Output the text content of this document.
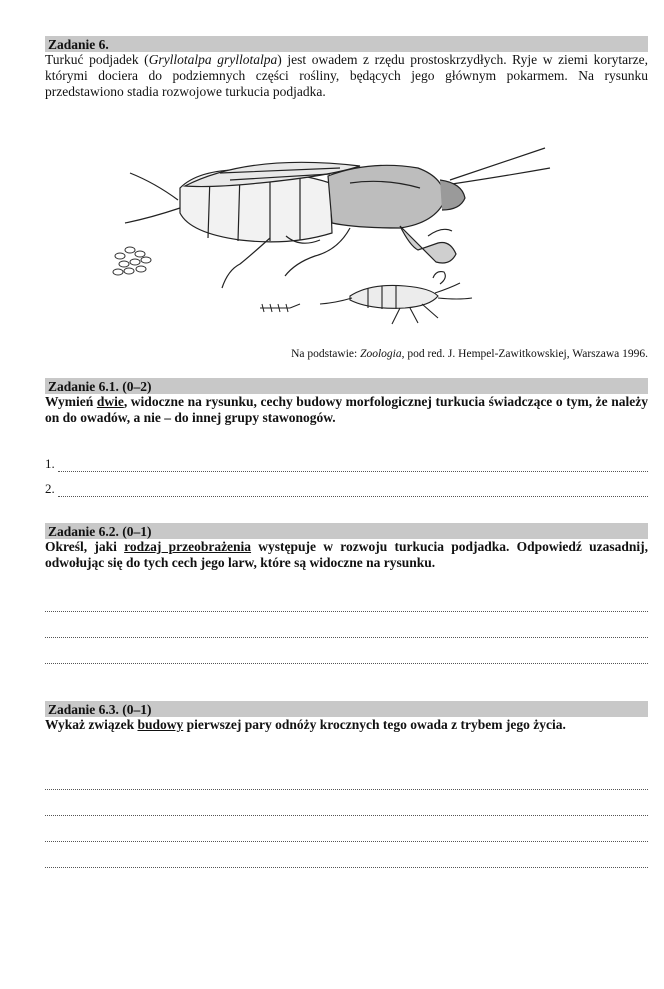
Zadanie 6.

Turkuć podjadek (Gryllotalpa gryllotalpa) jest owadem z rzędu prostoskrzydłych. Ryje w ziemi korytarze, którymi dociera do podziemnych części rośliny, będących jego głównym pokarmem. Na rysunku przedstawiono stadia rozwojowe turkucia podjadka.

Na podstawie: Zoologia, pod red. J. Hempel-Zawitkowskiej, Warszawa 1996.

Zadanie 6.1. (0–2)

Wymień dwie, widoczne na rysunku, cechy budowy morfologicznej turkucia świadczące o tym, że należy on do owadów, a nie – do innej grupy stawonogów.

1.
2.
Zadanie 6.2. (0–1)

Określ, jaki rodzaj przeobrażenia występuje w rozwoju turkucia podjadka. Odpowiedź uzasadnij, odwołując się do tych cech jego larw, które są widoczne na rysunku.

Zadanie 6.3. (0–1)

Wykaż związek budowy pierwszej pary odnóży krocznych tego owada z trybem jego życia.
